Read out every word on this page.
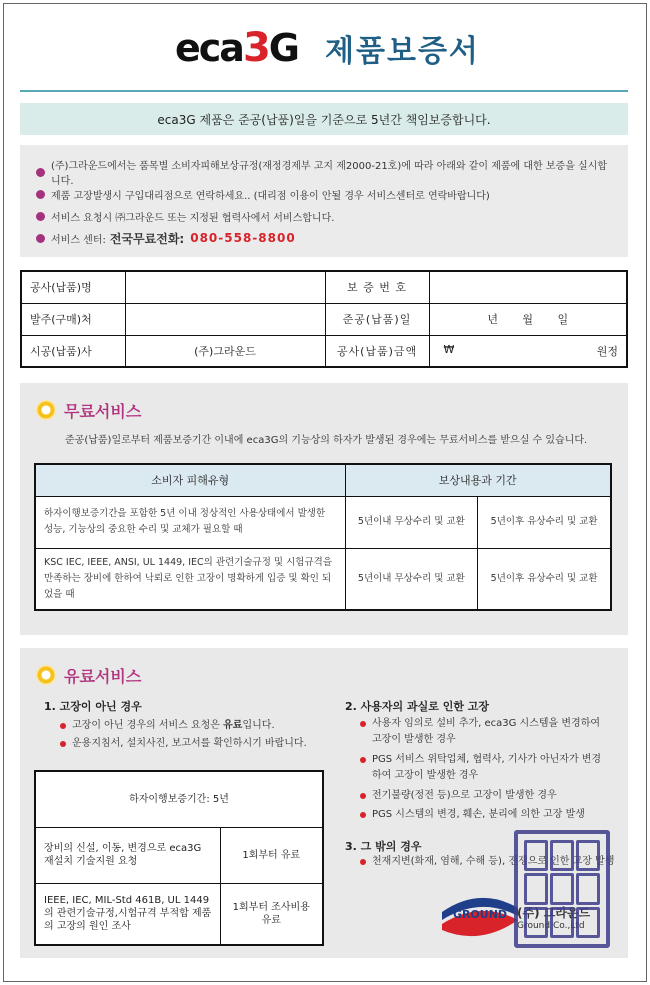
eca 3 G 제품보증서
eca3G 제품은 준공(납품)일을 기준으로 5년간 책임보증합니다.
(주)그라운드에서는 품목별 소비자피해보상규정(재정경제부 고지 제2000-21호)에 따라 아래와 같이 제품에 대한 보증을 실시합니다.
제품 고장발생시 구입대리점으로 연락하세요.. (대리점 이용이 안될 경우 서비스센터로 연락바랍니다)
서비스 요청시 ㈜그라운드 또는 지정된 협력사에서 서비스합니다.
서비스 센터: 전국무료전화: 080-558-8800
공사(납품)명		보 증 번 호	
발주(구매)처		준공(납품)일	년       월       일
시공(납품)사	(주)그라운드	공사(납품)금액	₩ 원정
무료서비스
준공(납품)일로부터 제품보증기간 이내에 eca3G의 기능상의 하자가 발생된 경우에는 무료서비스를 받으실 수 있습니다.
소비자 피해유형	보상내용과 기간	
하자이행보증기간을 포함한 5년 이내 정상적인 사용상태에서 발생한 성능, 기능상의 중요한 수리 및 교체가 필요할 때	5년이내 무상수리 및 교환	5년이후 유상수리 및 교환
KSC IEC, IEEE, ANSI, UL 1449, IEC의 관련기술규정 및 시험규격을 만족하는 장비에 한하여 낙뢰로 인한 고장이 명확하게 입증 및 확인 되었을 때	5년이내 무상수리 및 교환	5년이후 유상수리 및 교환
유료서비스
1. 고장이 아닌 경우
고장이 아닌 경우의 서비스 요청은 유료입니다.
운용지침서, 설치사진, 보고서를 확인하시기 바랍니다.
2. 사용자의 과실로 인한 고장
사용자 임의로 설비 추가, eca3G 시스템을 변경하여 고장이 발생한 경우
PGS 서비스 위탁업체, 협력사, 기사가 아닌자가 변경하여 고장이 발생한 경우
전기불량(정전 등)으로 고장이 발생한 경우
PGS 시스템의 변경, 훼손, 분리에 의한 고장 발생
3. 그 밖의 경우
천재지변(화재, 염해, 수해 등), 전쟁으로 인한 고장 발생
하자이행보증기간: 5년	
장비의 신설, 이동, 변경으로 eca3G 재설치 기술지원 요청	1회부터 유료
IEEE, IEC, MIL-Std 461B, UL 1449의 관련기술규정,시험규격 부적합 제품의 고장의 원인 조사	1회부터 조사비용유료	GROUND (주) 그라운드
Ground Co.,Ltd
